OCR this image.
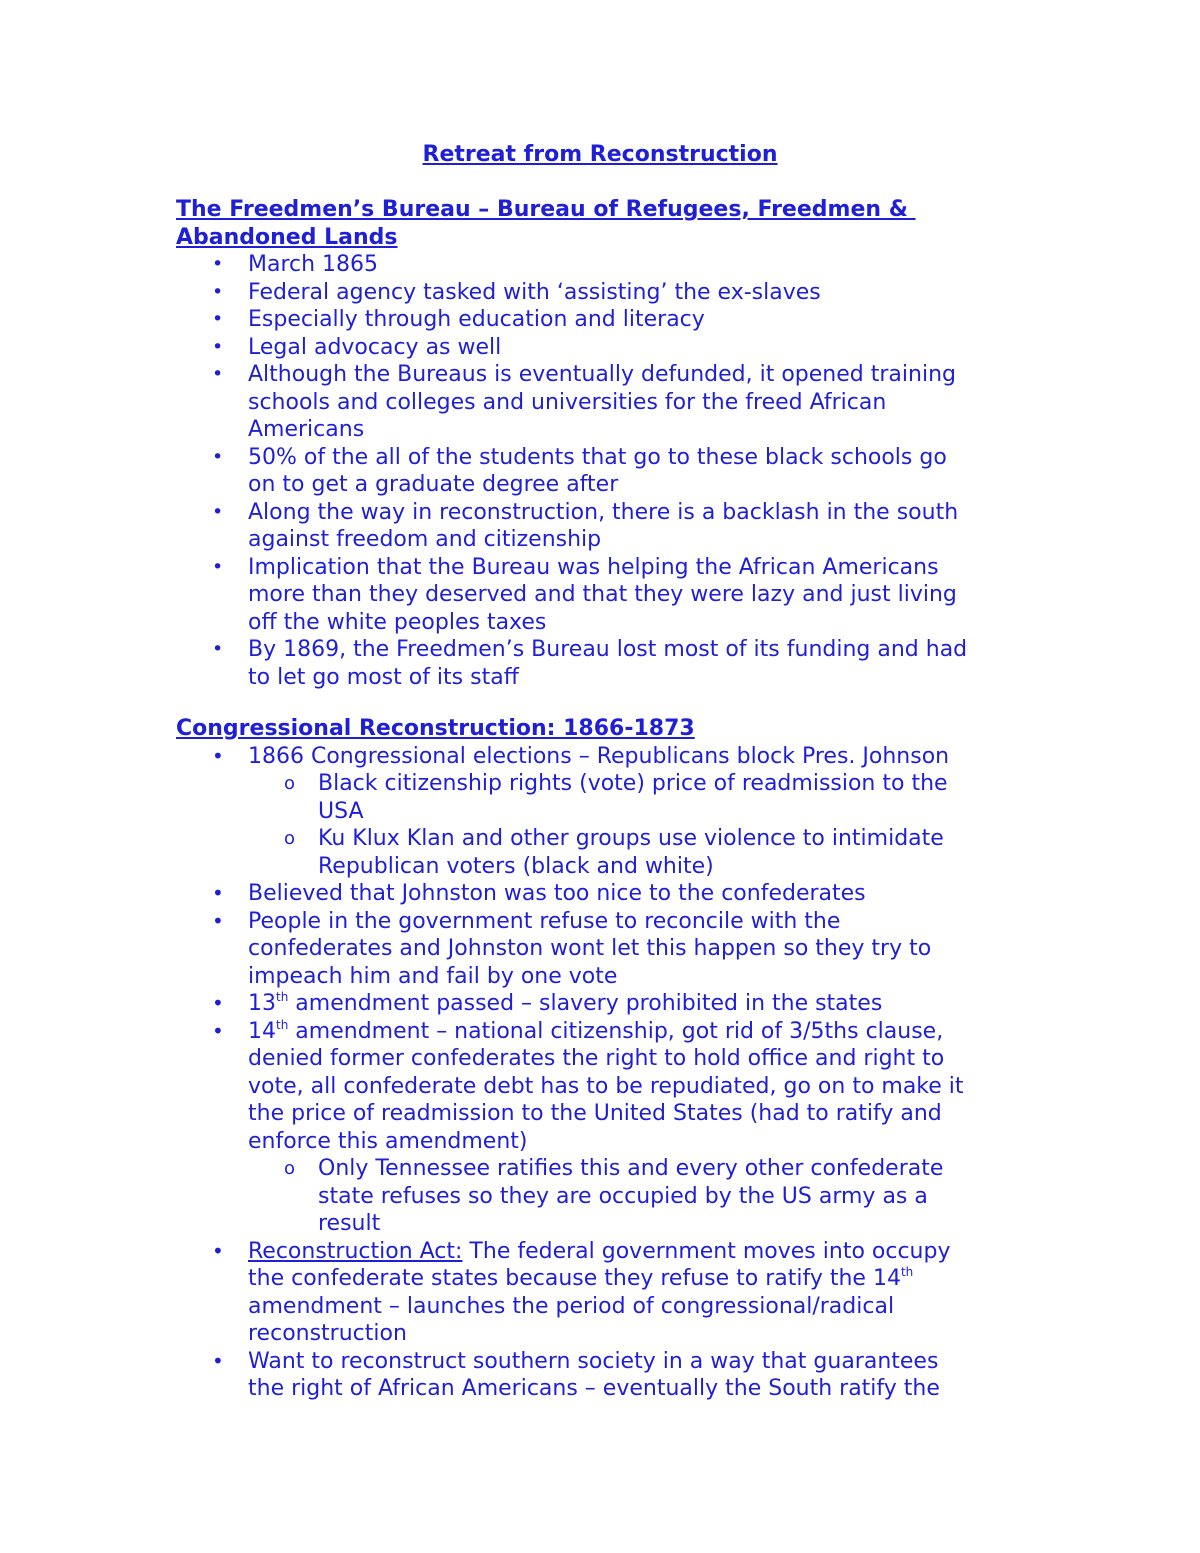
Retreat from Reconstruction
The Freedmen’s Bureau – Bureau of Refugees, Freedmen &
Abandoned Lands
• March 1865
• Federal agency tasked with ‘assisting’ the ex-slaves
• Especially through education and literacy
• Legal advocacy as well
• Although the Bureaus is eventually defunded, it opened training
schools and colleges and universities for the freed African
Americans
• 50% of the all of the students that go to these black schools go
on to get a graduate degree after
• Along the way in reconstruction, there is a backlash in the south
against freedom and citizenship
• Implication that the Bureau was helping the African Americans
more than they deserved and that they were lazy and just living
off the white peoples taxes
• By 1869, the Freedmen’s Bureau lost most of its funding and had
to let go most of its staff
Congressional Reconstruction: 1866-1873
• 1866 Congressional elections – Republicans block Pres. Johnson
o Black citizenship rights (vote) price of readmission to the
USA
o Ku Klux Klan and other groups use violence to intimidate
Republican voters (black and white)
• Believed that Johnston was too nice to the confederates
• People in the government refuse to reconcile with the
confederates and Johnston wont let this happen so they try to
impeach him and fail by one vote
• 13th amendment passed – slavery prohibited in the states
• 14th amendment – national citizenship, got rid of 3/5ths clause,
denied former confederates the right to hold office and right to
vote, all confederate debt has to be repudiated, go on to make it
the price of readmission to the United States (had to ratify and
enforce this amendment)
o Only Tennessee ratifies this and every other confederate
state refuses so they are occupied by the US army as a
result
• Reconstruction Act: The federal government moves into occupy
the confederate states because they refuse to ratify the 14th
amendment – launches the period of congressional/radical
reconstruction
• Want to reconstruct southern society in a way that guarantees
the right of African Americans – eventually the South ratify the
